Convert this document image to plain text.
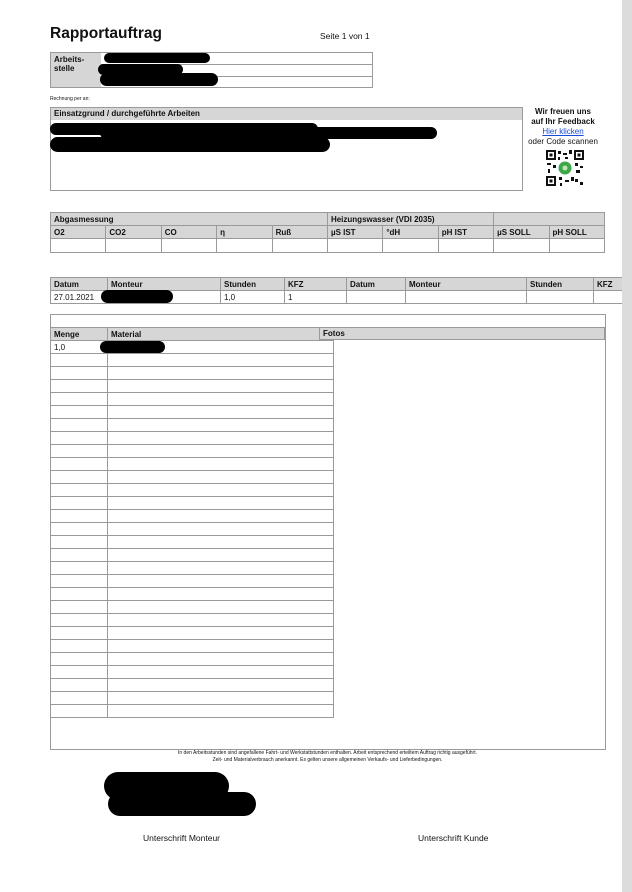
Rapportauftrag	Seite 1 von 1
Arbeits-
stelle
Rechnung per an:
Einsatzgrund / durchgeführte Arbeiten	Wir freuen uns
auf Ihr Feedback
Hier klicken
oder Code scannen
Abgasmessung					Heizungswasser (VDI 2035)				
O2	CO2	CO	η	Ruß	µS IST	°dH	pH IST	µS SOLL	pH SOLL

Datum	Monteur	Stunden	KFZ	Datum	Monteur	Stunden	KFZ
27.01.2021		1,0	1				
Menge	Material
1,0	

Fotos
In den Arbeitsstunden sind angefallene Fahrt- und Werkstattstunden enthalten. Arbeit entsprechend erteiltem Auftrag richtig ausgeführt.
Zeit- und Materialverbrauch anerkannt. Es gelten unsere allgemeinen Verkaufs- und Lieferbedingungen.
Unterschrift Monteur	Unterschrift Kunde
